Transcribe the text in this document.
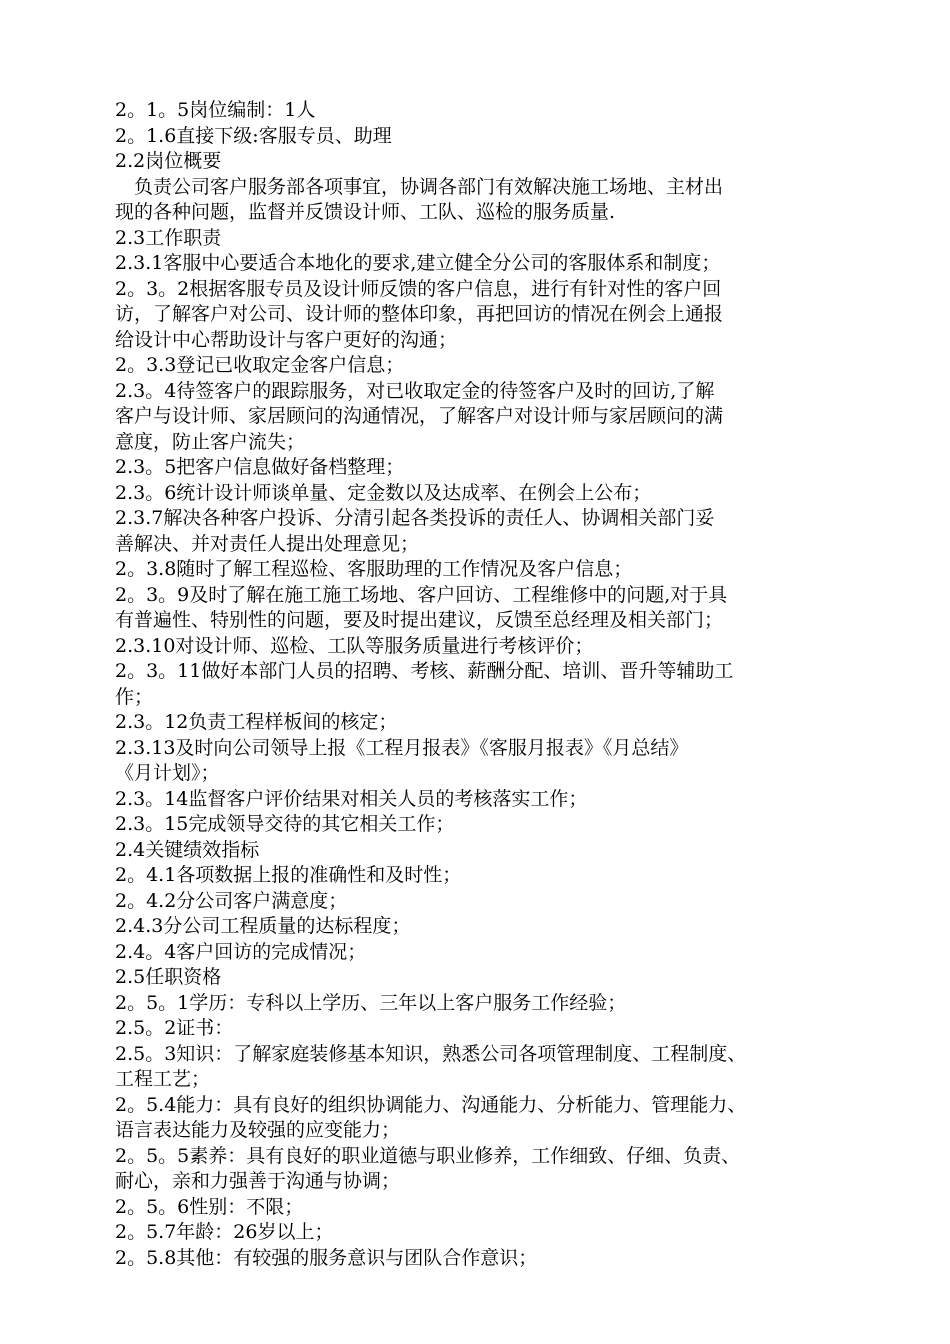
2。1。5岗位编制：1人
2。1.6直接下级:客服专员、助理
2.2岗位概要
负责公司客户服务部各项事宜，协调各部门有效解决施工场地、主材出
现的各种问题，监督并反馈设计师、工队、巡检的服务质量.
2.3工作职责
2.3.1客服中心要适合本地化的要求,建立健全分公司的客服体系和制度；
2。3。2根据客服专员及设计师反馈的客户信息，进行有针对性的客户回
访，了解客户对公司、设计师的整体印象，再把回访的情况在例会上通报
给设计中心帮助设计与客户更好的沟通；
2。3.3登记已收取定金客户信息；
2.3。4待签客户的跟踪服务，对已收取定金的待签客户及时的回访,了解
客户与设计师、家居顾问的沟通情况，了解客户对设计师与家居顾问的满
意度，防止客户流失；
2.3。5把客户信息做好备档整理；
2.3。6统计设计师谈单量、定金数以及达成率、在例会上公布；
2.3.7解决各种客户投诉、分清引起各类投诉的责任人、协调相关部门妥
善解决、并对责任人提出处理意见；
2。3.8随时了解工程巡检、客服助理的工作情况及客户信息；
2。3。9及时了解在施工施工场地、客户回访、工程维修中的问题,对于具
有普遍性、特别性的问题，要及时提出建议，反馈至总经理及相关部门；
2.3.10对设计师、巡检、工队等服务质量进行考核评价；
2。3。11做好本部门人员的招聘、考核、薪酬分配、培训、晋升等辅助工
作；
2.3。12负责工程样板间的核定；
2.3.13及时向公司领导上报《工程月报表》《客服月报表》《月总结》
《月计划》；
2.3。14监督客户评价结果对相关人员的考核落实工作；
2.3。15完成领导交待的其它相关工作；
2.4关键绩效指标
2。4.1各项数据上报的准确性和及时性；
2。4.2分公司客户满意度；
2.4.3分公司工程质量的达标程度；
2.4。4客户回访的完成情况；
2.5任职资格
2。5。1学历：专科以上学历、三年以上客户服务工作经验；
2.5。2证书：
2.5。3知识：了解家庭装修基本知识，熟悉公司各项管理制度、工程制度、
工程工艺；
2。5.4能力：具有良好的组织协调能力、沟通能力、分析能力、管理能力、
语言表达能力及较强的应变能力；
2。5。5素养：具有良好的职业道德与职业修养，工作细致、仔细、负责、
耐心，亲和力强善于沟通与协调；
2。5。6性别：不限；
2。5.7年龄：26岁以上；
2。5.8其他：有较强的服务意识与团队合作意识；
